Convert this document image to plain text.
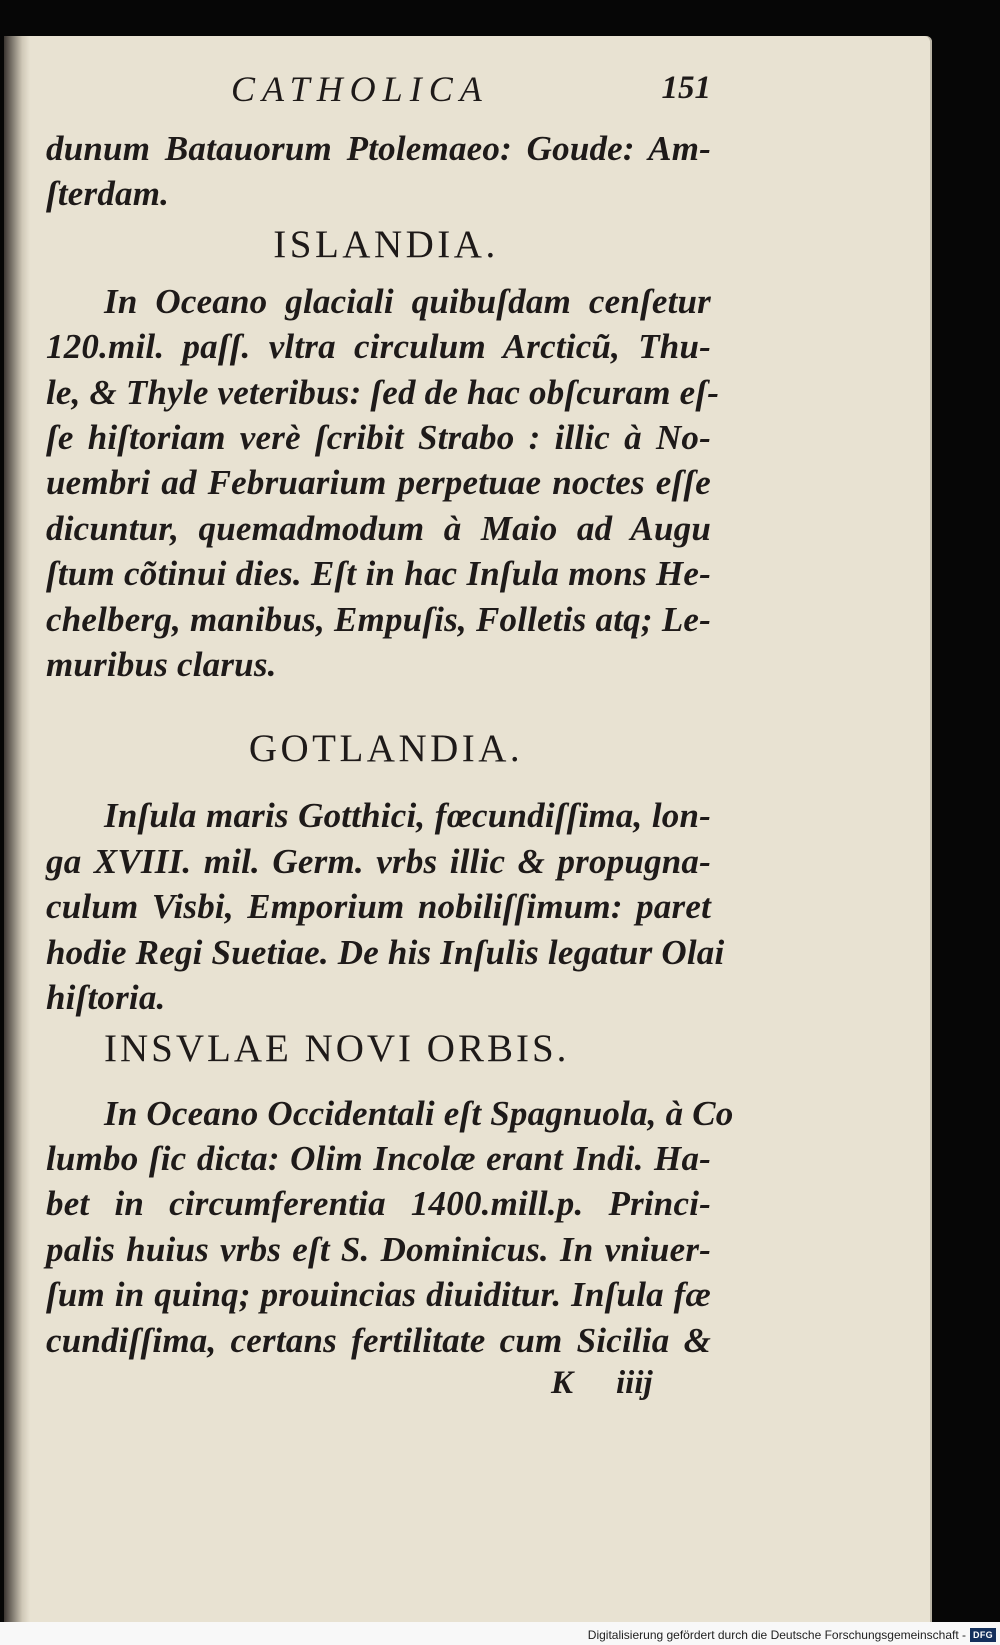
CATHOLICA	151

dunum Batauorum Ptolemaeo: Goude: Am-
ſterdam.

ISLANDIA.

In Oceano glaciali quibuſdam cenſetur
120.mil. paſſ. vltra circulum Arcticũ, Thu-
le, & Thyle veteribus: ſed de hac obſcuram eſ-
ſe hiſtoriam verè ſcribit Strabo : illic à No-
uembri ad Februarium perpetuae noctes eſſe
dicuntur, quemadmodum à Maio ad Augu
ſtum cõtinui dies. Eſt in hac Inſula mons He-
chelberg, manibus, Empuſis, Folletis atq; Le-
muribus clarus.

GOTLANDIA.

Inſula maris Gotthici, fœcundiſſima, lon-
ga XVIII. mil. Germ. vrbs illic & propugna-
culum Visbi, Emporium nobiliſſimum: paret
hodie Regi Suetiae. De his Inſulis legatur Olai
hiſtoria.

INSVLAE NOVI ORBIS.

In Oceano Occidentali eſt Spagnuola, à Co
lumbo ſic dicta: Olim Incolæ erant Indi. Ha-
bet in circumferentia 1400.mill.p. Princi-
palis huius vrbs eſt S. Dominicus. In vniuer-
ſum in quinq; prouincias diuiditur. Inſula fæ
cundiſſima, certans fertilitate cum Sicilia &

K iiij
Digitalisierung gefördert durch die Deutsche Forschungsgemeinschaft - DFG
